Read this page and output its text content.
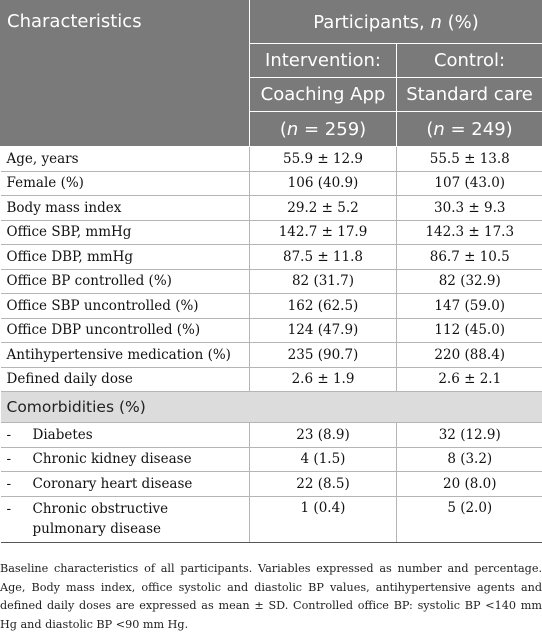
Characteristics	Participants, n (%)	
	Intervention:	Control:
	Coaching App	Standard care
	(n = 259)	(n = 249)
Age, years	55.9 ± 12.9	55.5 ± 13.8
Female (%)	106 (40.9)	107 (43.0)
Body mass index	29.2 ± 5.2	30.3 ± 9.3
Office SBP, mmHg	142.7 ± 17.9	142.3 ± 17.3
Office DBP, mmHg	87.5 ± 11.8	86.7 ± 10.5
Office BP controlled (%)	82 (31.7)	82 (32.9)
Office SBP uncontrolled (%)	162 (62.5)	147 (59.0)
Office DBP uncontrolled (%)	124 (47.9)	112 (45.0)
Antihypertensive medication (%)	235 (90.7)	220 (88.4)
Defined daily dose	2.6 ± 1.9	2.6 ± 2.1
Comorbidities (%)		
- Diabetes	23 (8.9)	32 (12.9)
- Chronic kidney disease	4 (1.5)	8 (3.2)
- Coronary heart disease	22 (8.5)	20 (8.0)
- Chronic obstructive
pulmonary disease	1 (0.4)	5 (2.0)
Baseline characteristics of all participants. Variables expressed as number and percentage. Age, Body mass index, office systolic and diastolic BP values, antihypertensive agents and defined daily doses are expressed as mean ± SD. Controlled office BP: systolic BP <140 mm Hg and diastolic BP <90 mm Hg.
